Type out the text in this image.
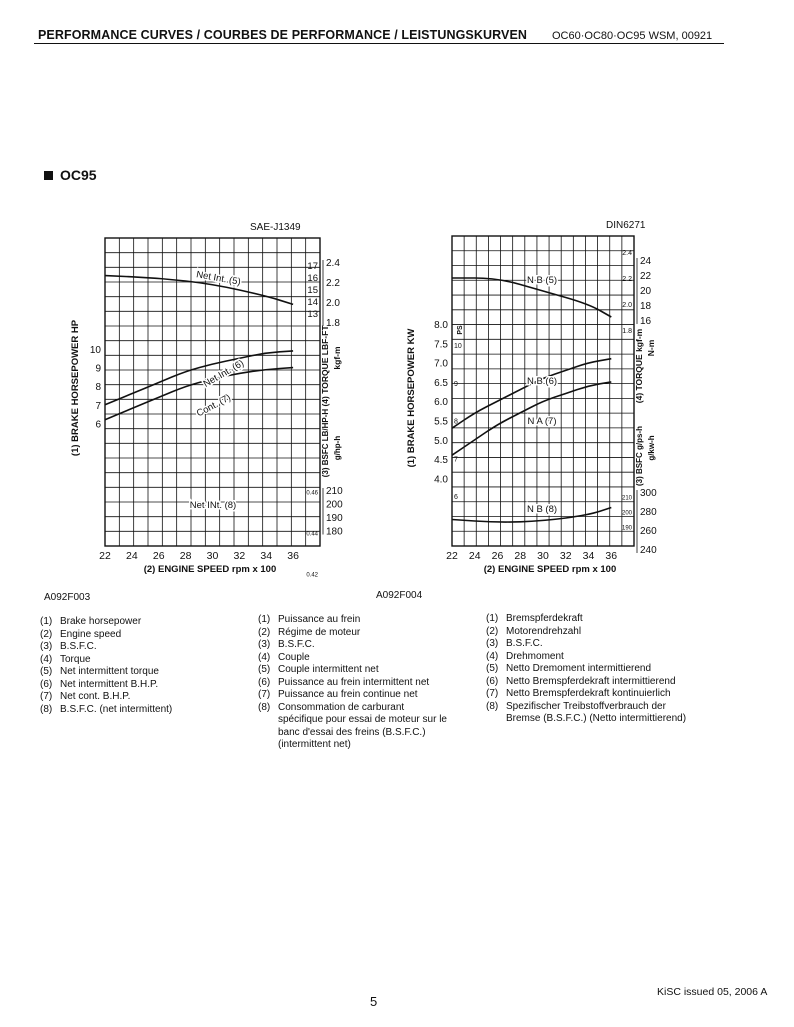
PERFORMANCE CURVES / COURBES DE PERFORMANCE / LEISTUNGSKURVEN OC60·OC80·OC95 WSM, 00921
OC95
SAE-J1349	DIN6271
22 24 26 28 30 32 34 36
(2) ENGINE SPEED rpm x 100
6
7
8
9
10
(1) BRAKE HORSEPOWER HP
13
14
15
16
17
1.8
2.0
2.2
2.4
(4) TORQUE LBF-FT kgf-m
0.42
0.44
0.46
180
190
200
210
(3) BSFC LB/HP-H g/hp-h
Net Int. (5)
Net Int. (6)
Cont. (7)
Net INt. (8)
22 24 26 28 30 32 34 36
(2) ENGINE SPEED rpm x 100
4.0
4.5
5.0
5.5
6.0
6.5
7.0
7.5
8.0
(1) BRAKE HORSEPOWER KW
6
7
8
9
10
PS	1.8
2.0
2.2
2.4
16
18
20
22
24
(4) TORQUE kgf-m N-m
190
200
210
240
260
280
300
(3) BSFC g/ps-h g/kw-h
N B (5)
N B (6)
N A (7)
N B (8)
A092F003	A092F004
(1) Brake horsepower
(2) Engine speed
(3) B.S.F.C.
(4) Torque
(5) Net intermittent torque
(6) Net intermittent B.H.P.
(7) Net cont. B.H.P.
(8) B.S.F.C. (net intermittent)
(1) Puissance au frein
(2) Régime de moteur
(3) B.S.F.C.
(4) Couple
(5) Couple intermittent net
(6) Puissance au frein intermittent net
(7) Puissance au frein continue net
(8) Consommation de carburant
spécifique pour essai de moteur sur le
banc d'essai des freins (B.S.F.C.)
(intermittent net)
(1) Bremspferdekraft
(2) Motorendrehzahl
(3) B.S.F.C.
(4) Drehmoment
(5) Netto Dremoment intermittierend
(6) Netto Bremspferdekraft intermittierend
(7) Netto Bremspferdekraft kontinuierlich
(8) Spezifischer Treibstoffverbrauch der
Bremse (B.S.F.C.) (Netto intermittierend)
5
KiSC issued 05, 2006 A
